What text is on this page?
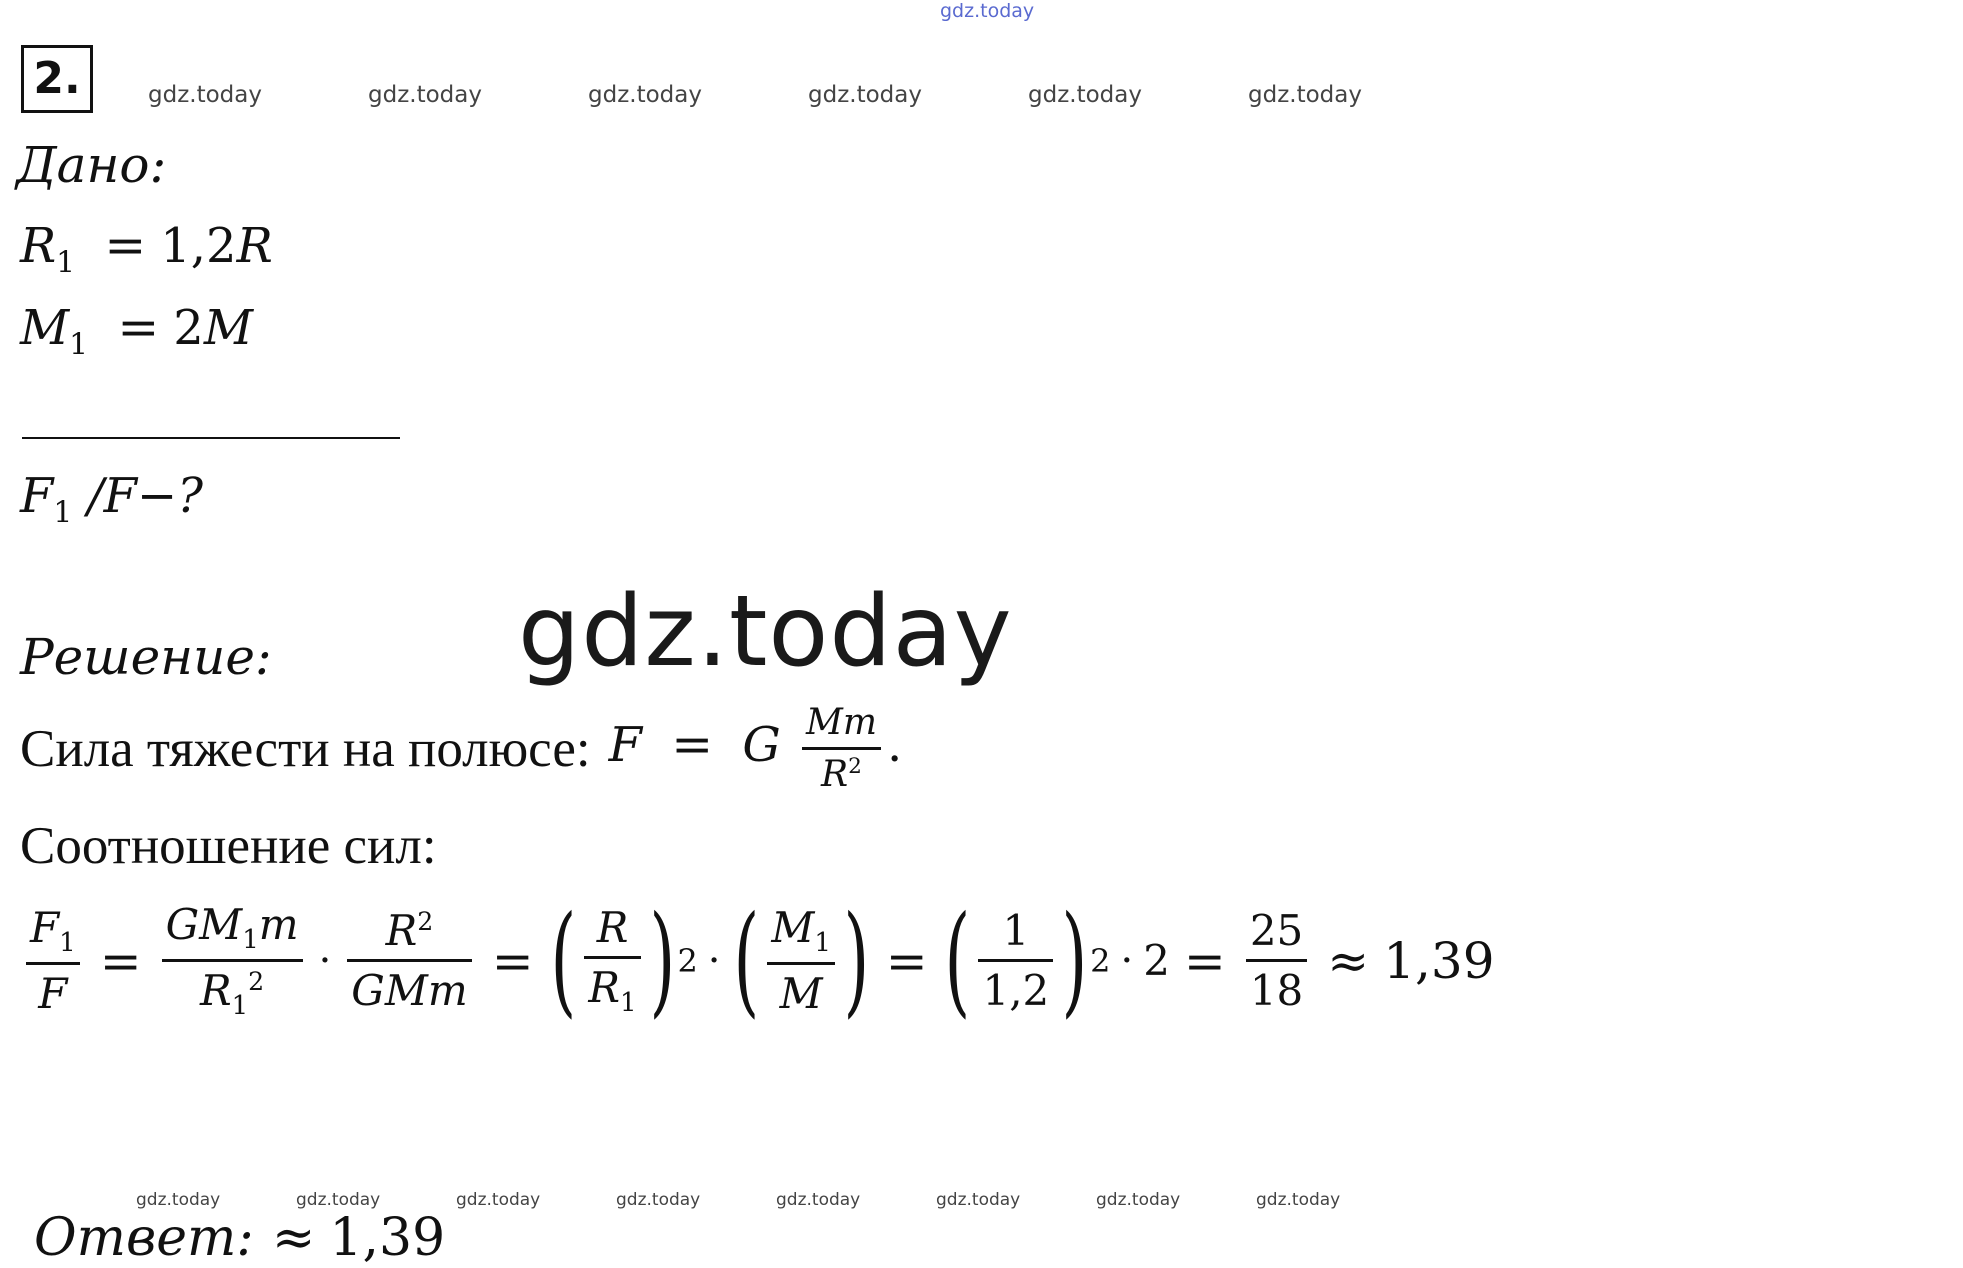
gdz.today
gdz.today	gdz.today	gdz.today	gdz.today	gdz.today	gdz.today
gdz.today
gdz.today	gdz.today	gdz.today	gdz.today	gdz.today	gdz.today	gdz.today	gdz.today
2.
Дано:
$R_1 = 1,2R$
$M_1 = 2M$
$F_1$ /F−?
Решение:
Сила тяжести на полюсе: F = G $\frac{Mm}{R^2}$ .
Соотношение сил:
$\frac{F_1}{F} = \frac{GM_1m}{R_1^2} \cdot \frac{R^2}{\text{GMm}}$ = ( $\frac{R}{R_1}$ ) 2 · ( $\frac{M_1}{M}$ ) = ( $\frac{1}{1,2}$ ) $2 \cdot 2 = \frac{25}{18} \approx 1,39$
Ответ: ≈ 1,39
